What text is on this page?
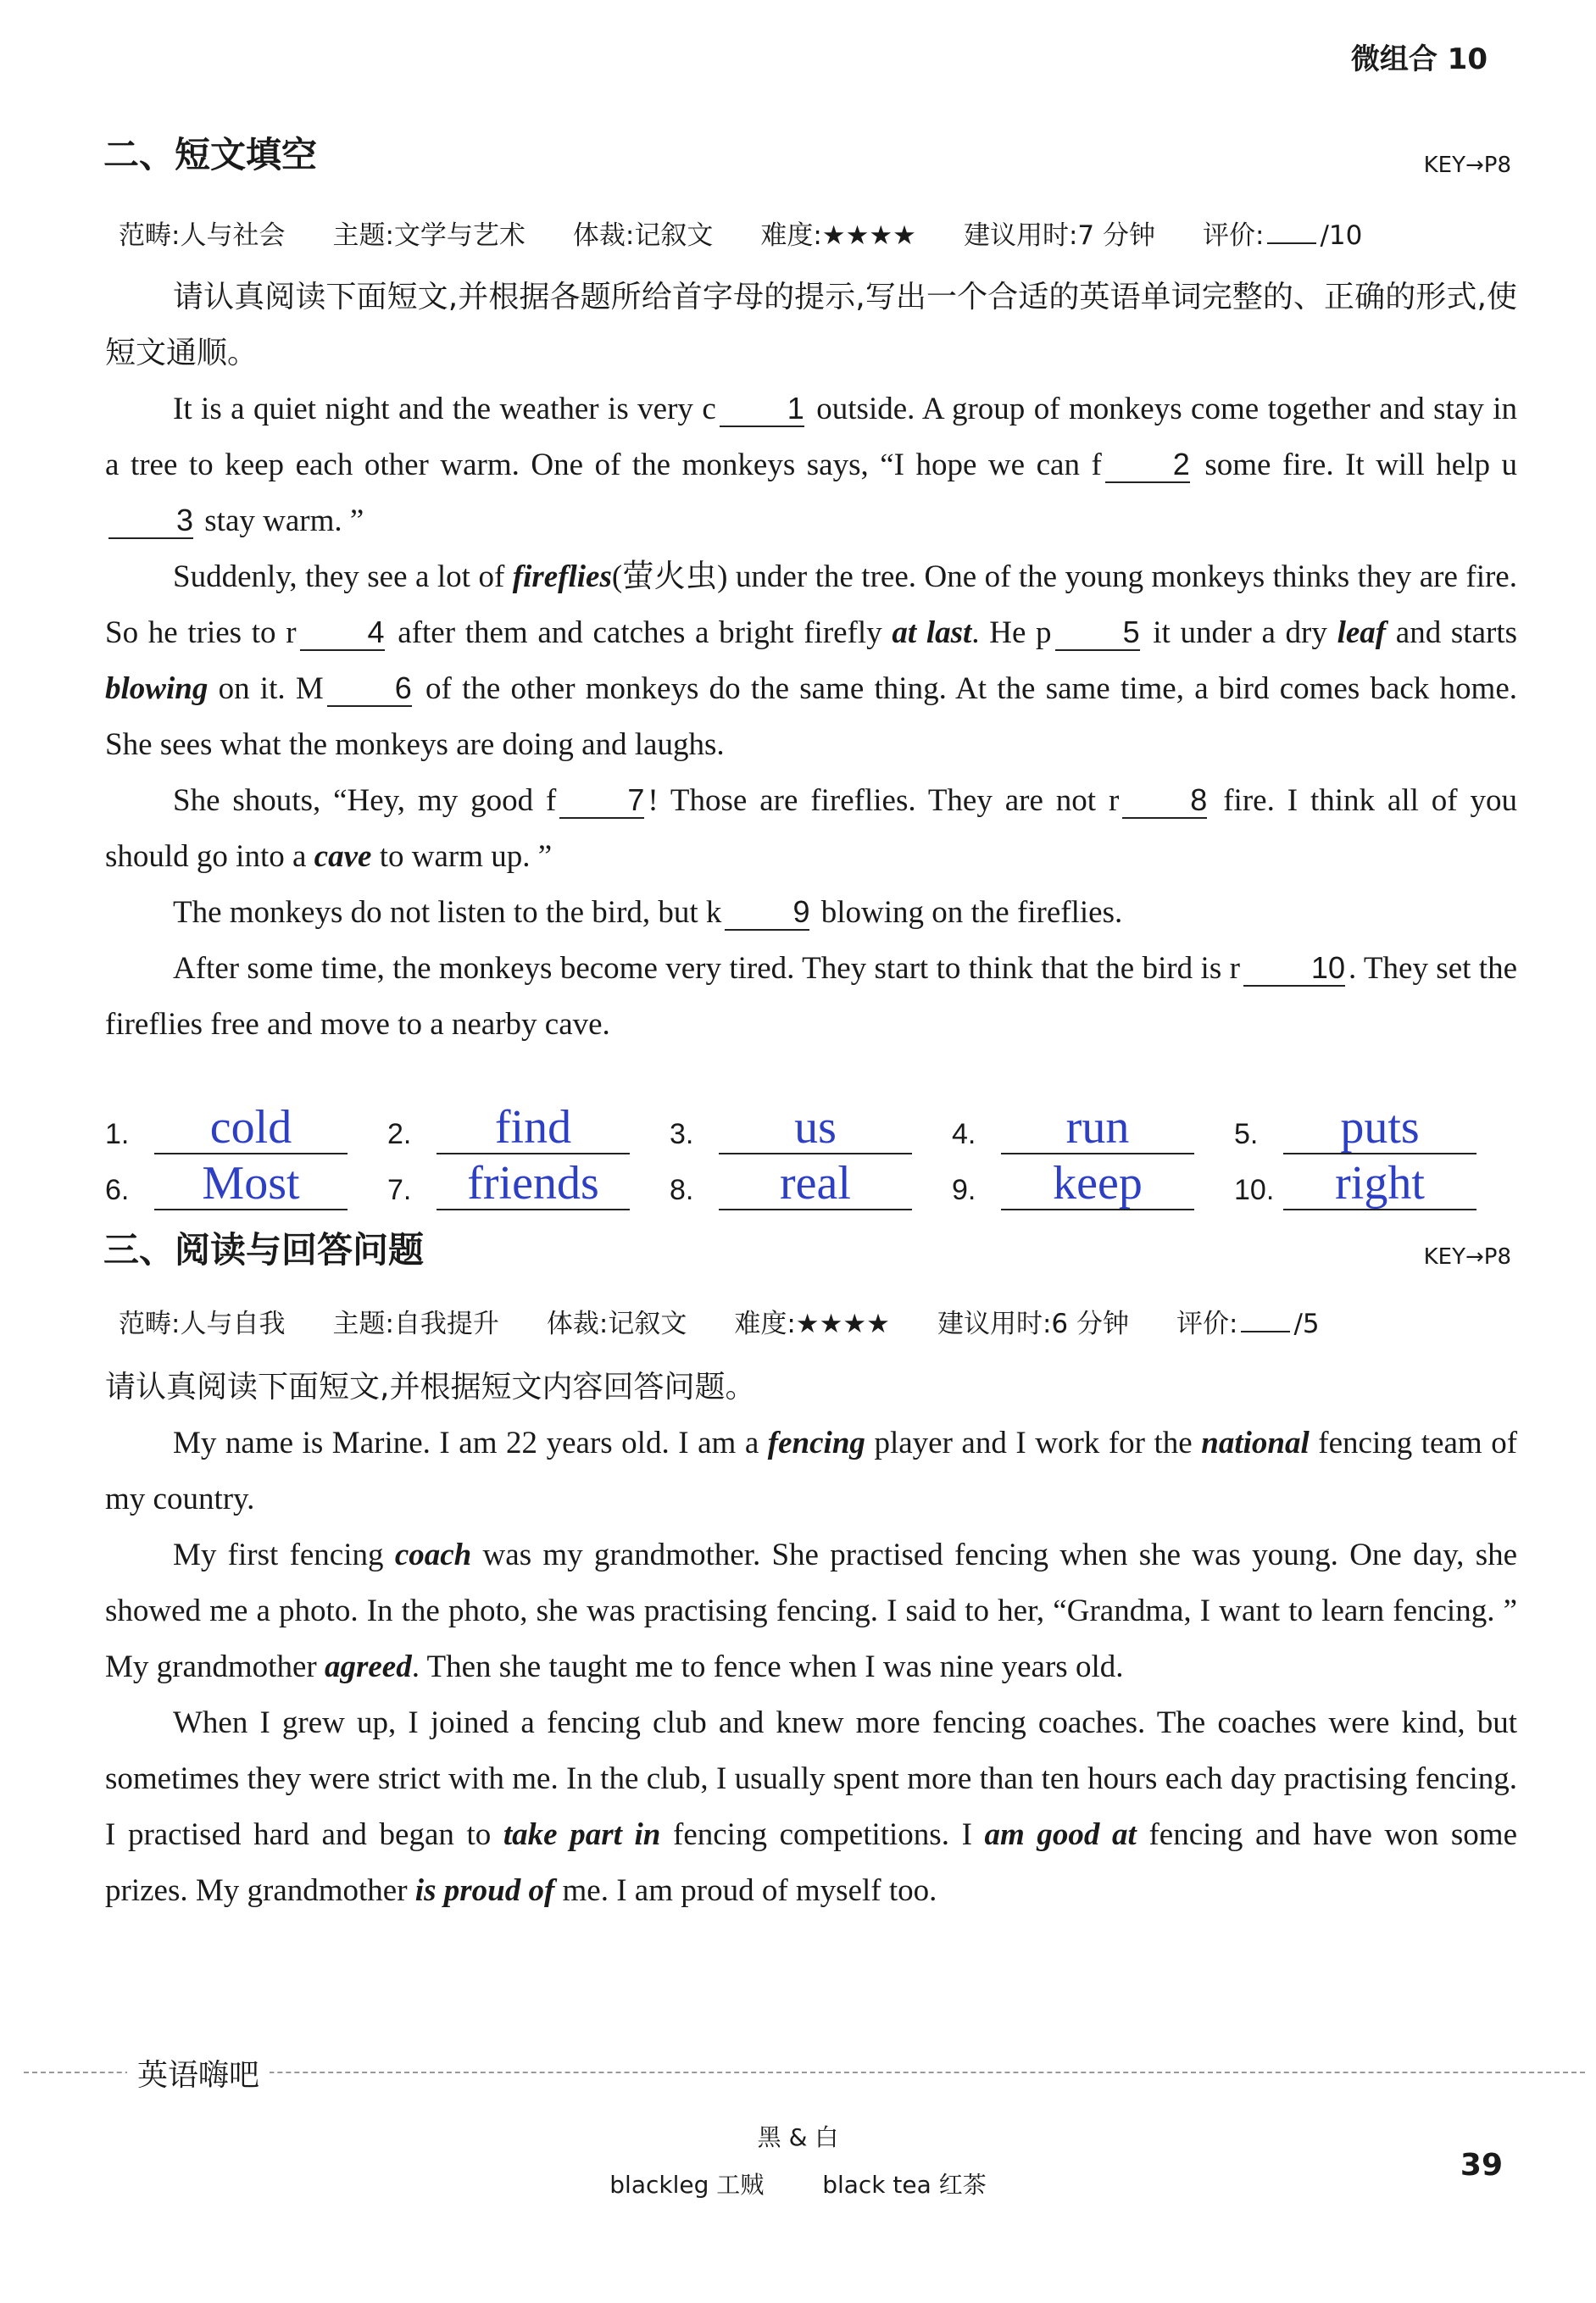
微组合 10
二、短文填空	KEY→P8
范畴:人与社会 主题:文学与艺术 体裁:记叙文 难度:★★★★ 建议用时:7 分钟 评价: /10

请认真阅读下面短文,并根据各题所给首字母的提示,写出一个合适的英语单词完整的、正确的形式,使短文通顺。

It is a quiet night and the weather is very c 1 outside. A group of monkeys come together and stay in a tree to keep each other warm. One of the monkeys says, “I hope we can f 2 some fire. It will help u3 stay warm. ”

Suddenly, they see a lot of fireflies(萤火虫) under the tree. One of the young monkeys thinks they are fire. So he tries to r 4 after them and catches a bright firefly at last. He p 5 it under a dry leaf and starts blowing on it. M 6 of the other monkeys do the same thing. At the same time, a bird comes back home. She sees what the monkeys are doing and laughs.

She shouts, “Hey, my good f 7 ! Those are fireflies. They are not r 8 fire. I think all of you should go into a cave to warm up. ”

The monkeys do not listen to the bird, but k 9 blowing on the fireflies.

After some time, the monkeys become very tired. They start to think that the bird is r 10 . They set the fireflies free and move to a nearby cave.

1.	cold	2.	find	3.	us	4.	run	5.	puts
6.	Most	7.	friends	8.	real	9.	keep	10.	right
三、阅读与回答问题	KEY→P8
范畴:人与自我 主题:自我提升 体裁:记叙文 难度:★★★★ 建议用时:6 分钟 评价: /5

请认真阅读下面短文,并根据短文内容回答问题。

My name is Marine. I am 22 years old. I am a fencing player and I work for the national fencing team of my country.

My first fencing coach was my grandmother. She practised fencing when she was young. One day, she showed me a photo. In the photo, she was practising fencing. I said to her, “Grandma, I want to learn fencing. ” My grandmother agreed. Then she taught me to fence when I was nine years old.

When I grew up, I joined a fencing club and knew more fencing coaches. The coaches were kind, but sometimes they were strict with me. In the club, I usually spent more than ten hours each day practising fencing. I practised hard and began to take part in fencing competitions. I am good at fencing and have won some prizes. My grandmother is proud of me. I am proud of myself too.

英语嗨吧
黑 & 白
blackleg 工贼 black tea 红茶
39
